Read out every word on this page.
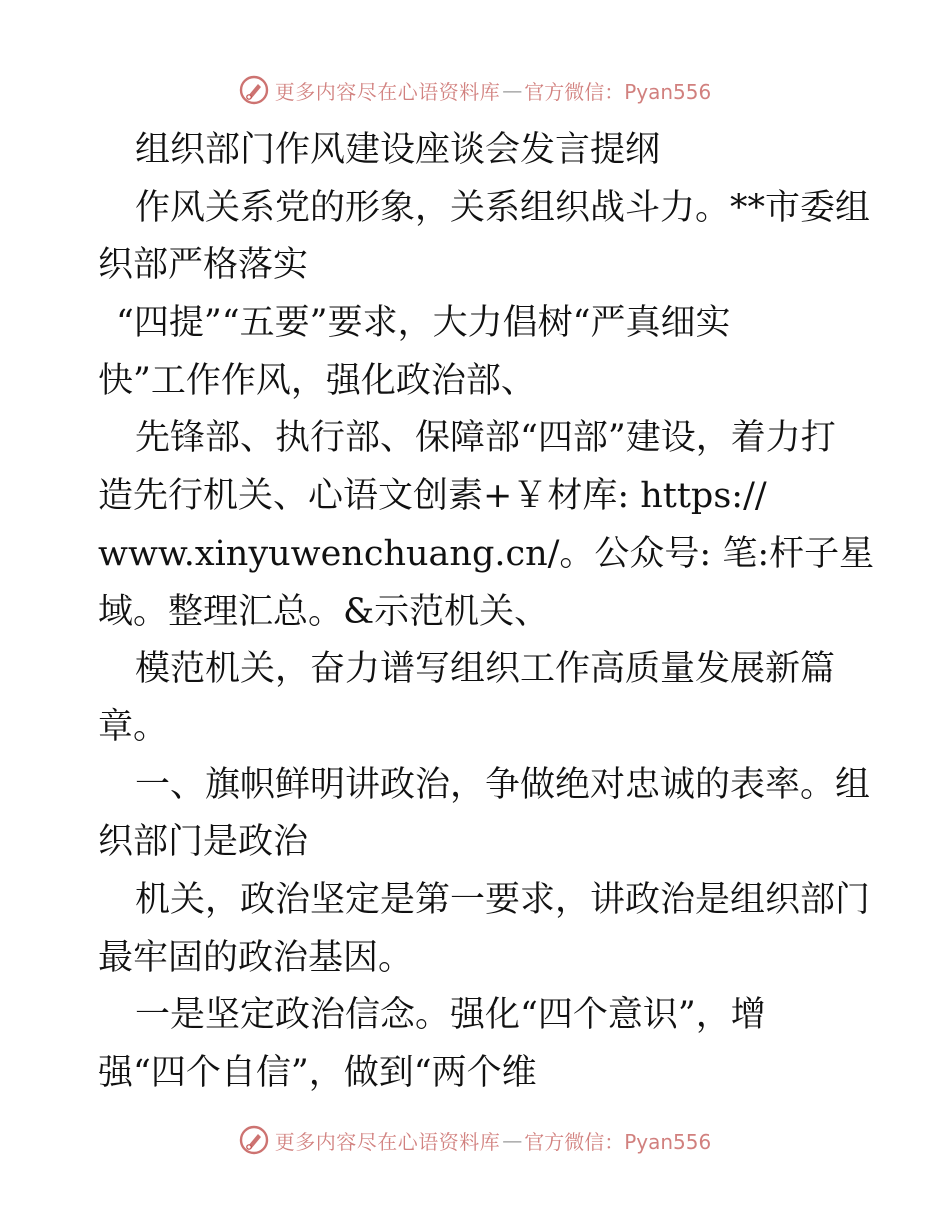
更多内容尽在心语资料库 — 官方微信：Pyan556
组织部门作风建设座谈会发言提纲
作风关系党的形象，关系组织战斗力。**市委组
织部严格落实
“四提”“五要”要求，大力倡树“严真细实
快”工作作风，强化政治部、
先锋部、执行部、保障部“四部”建设，着力打
造先行机关、心语文创素+￥材库: https://
www.xinyuwenchuang.cn/。公众号: 笔:杆子星
域。整理汇总。&示范机关、
模范机关，奋力谱写组织工作高质量发展新篇
章。
一、旗帜鲜明讲政治，争做绝对忠诚的表率。组
织部门是政治
机关，政治坚定是第一要求，讲政治是组织部门
最牢固的政治基因。
一是坚定政治信念。强化“四个意识”，增
强“四个自信”，做到“两个维
更多内容尽在心语资料库 — 官方微信：Pyan556
